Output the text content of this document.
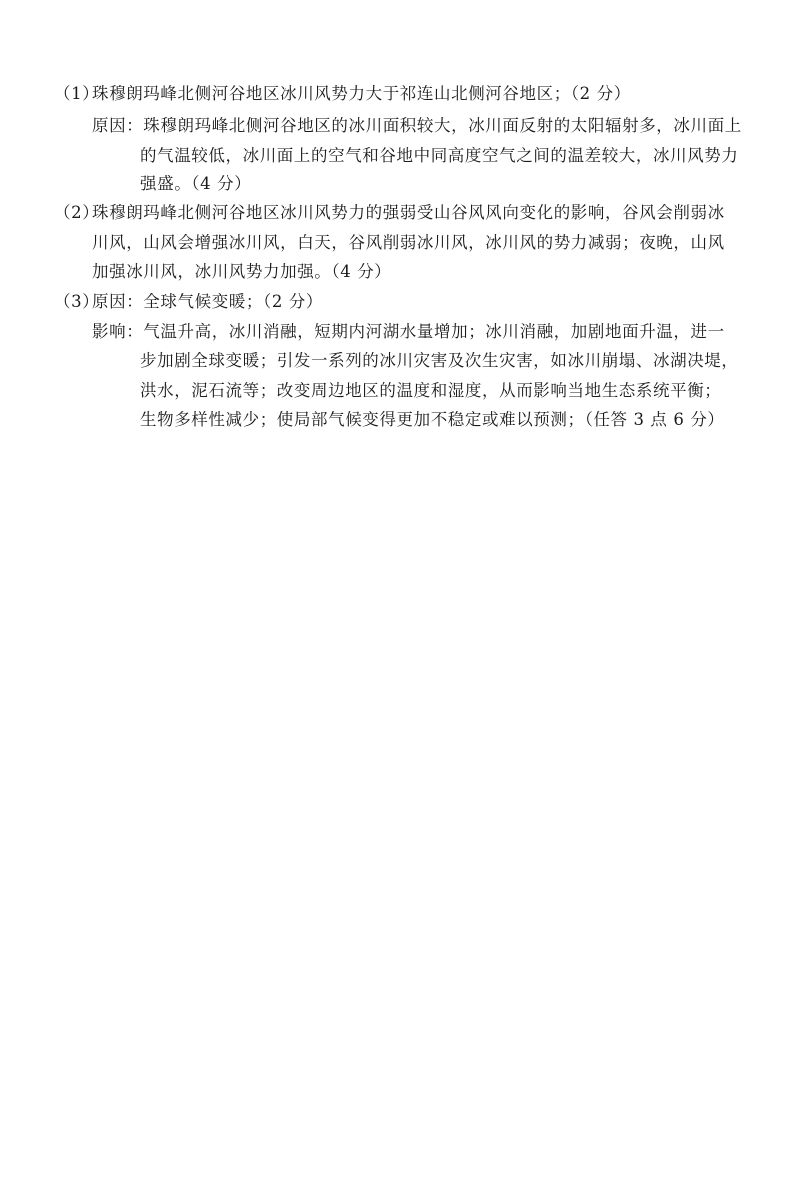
（1）
珠穆朗玛峰北侧河谷地区冰川风势力大于祁连山北侧河谷地区；（2 分）
原因：珠穆朗玛峰北侧河谷地区的冰川面积较大，冰川面反射的太阳辐射多，冰川面上
的气温较低，冰川面上的空气和谷地中同高度空气之间的温差较大，冰川风势力
强盛。（4 分）
（2）
珠穆朗玛峰北侧河谷地区冰川风势力的强弱受山谷风风向变化的影响，谷风会削弱冰
川风，山风会增强冰川风，白天，谷风削弱冰川风，冰川风的势力减弱；夜晚，山风
加强冰川风，冰川风势力加强。（4 分）
（3）
原因：全球气候变暖；（2 分）
影响：气温升高，冰川消融，短期内河湖水量增加；冰川消融，加剧地面升温，进一
步加剧全球变暖；引发一系列的冰川灾害及次生灾害，如冰川崩塌、冰湖决堤，
洪水，泥石流等；改变周边地区的温度和湿度，从而影响当地生态系统平衡；
生物多样性减少；使局部气候变得更加不稳定或难以预测；（任答 3 点 6 分）
